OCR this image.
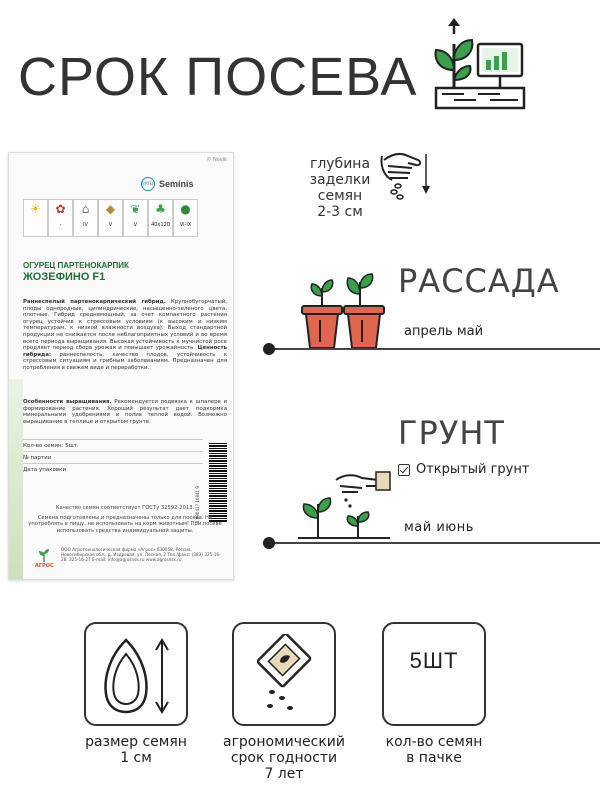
СРОК ПОСЕВА
© Novik
BAYER Seminis
☀ ✿
-
⌂
IV
◆
V
❦
V
♣
40x120
●
VI-IX
ОГУРЕЦ ПАРТЕНОКАРПИК
ЖОЗЕФИНО F1
Раннеспелый партенокарпический гибрид. Крупнобугорчатый, плоды однородные, цилиндрические, насыщенно-зеленого цвета, плотные. Гибрид среднемощный, за счет компактного растения огурец устойчив к стрессовым условиям (к высоким и низким температурам, к низкой влажности воздуха). Выход стандартной продукции не снижается после неблагоприятных условий и во время всего периода выращивания. Высокая устойчивость к мучнистой росе продляет период сбора урожая и повышает урожайность. Ценность гибрида: раннеспелость, качество плодов, устойчивость к стрессовым ситуациям и грибным заболеваниям. Предназначен для потребления в свежем виде и переработки.
Особенности выращивания. Рекомендуется подвязка к шпалере и формирование растения. Хороший результат дает подкормка минеральными удобрениями и полив теплой водой. Возможно выращивание в теплице и открытом грунте.
Кол-во семян: 5шт.
№ партии
Дата упаковки
4 690417 10841 9
Качество семян соответствует ГОСТу 32592-2013.
Семена подготовлены и предназначены только для посева. Не употреблять в пищу, не использовать на корм животным! При посеве использовать средства индивидуальной защиты.
АГРОС
ООО Агротехнологическая фирма «Агрос» 630058, Россия, Новосибирская обл., д. Издревая, ул. Лесная, 2 Тел./факс: (383) 325-16-28, 325-16-27 E-mail: info@agrosnsk.ru www.agrosnsk.ru
глубина
заделки
семян
2-3 см
РАССАДА
апрель май
ГРУНТ
Открытый грунт
май июнь
размер семян
1 см
агрономический
срок годности
7 лет
5ШТ
кол-во семян
в пачке
